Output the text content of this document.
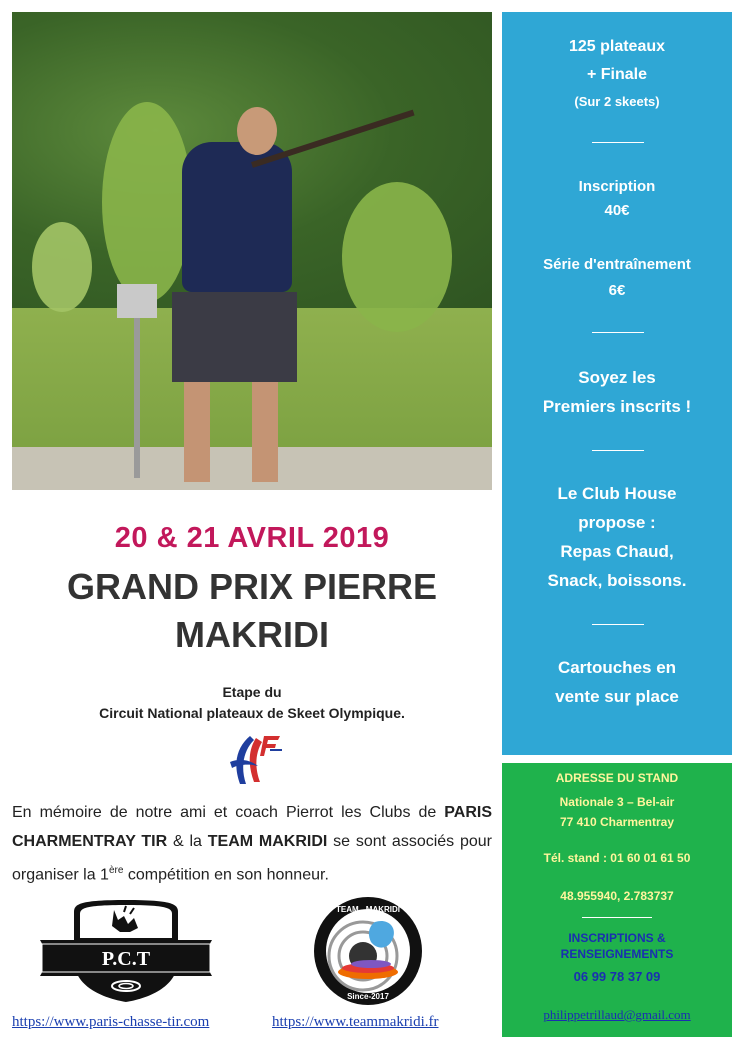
20 & 21 AVRIL 2019
GRAND PRIX PIERRE
MAKRIDI
Etape du
Circuit National plateaux de Skeet Olympique.
En mémoire de notre ami et coach Pierrot les Clubs de PARIS CHARMENTRAY TIR & la TEAM MAKRIDI se sont associés pour organiser la 1ère compétition en son honneur.
P.C.T
TEAM - MAKRIDI
Since-2017
https://www.paris-chasse-tir.com	https://www.teammakridi.fr
125 plateaux
+ Finale
(Sur 2 skeets)
Inscription
40€
Série d'entraînement
6€
Soyez les
Premiers inscrits !
Le Club House
propose :
Repas Chaud,
Snack, boissons.
Cartouches en
vente sur place
ADRESSE DU STAND
Nationale 3 – Bel-air
77 410 Charmentray
Tél. stand : 01 60 01 61 50
48.955940, 2.783737
INSCRIPTIONS &
RENSEIGNEMENTS
06 99 78 37 09
philippetrillaud@gmail.com
